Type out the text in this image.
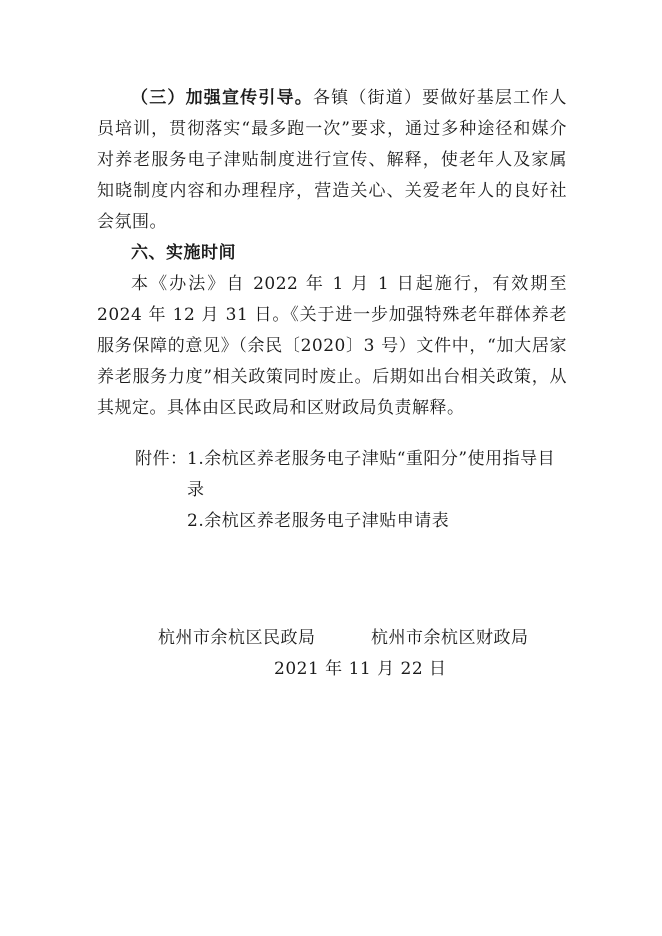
（三）加强宣传引导。各镇（街道）要做好基层工作人员培训，贯彻落实“最多跑一次”要求，通过多种途径和媒介对养老服务电子津贴制度进行宣传、解释，使老年人及家属知晓制度内容和办理程序，营造关心、关爱老年人的良好社会氛围。

六、实施时间

本《办法》自 2022 年 1 月 1 日起施行，有效期至 2024 年 12 月 31 日。《关于进一步加强特殊老年群体养老服务保障的意见》（余民〔2020〕3 号）文件中，“加大居家养老服务力度”相关政策同时废止。后期如出台相关政策，从其规定。具体由区民政局和区财政局负责解释。

附件： 1.余杭区养老服务电子津贴“重阳分”使用指导目录
2.余杭区养老服务电子津贴申请表
杭州市余杭区民政局	杭州市余杭区财政局
2021 年 11 月 22 日
